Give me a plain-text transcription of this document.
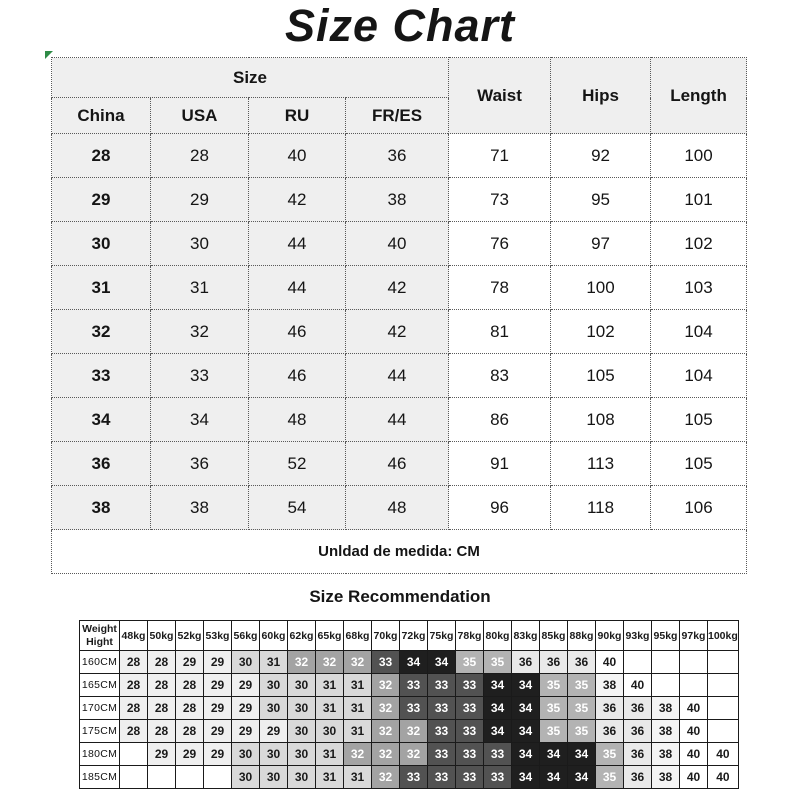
Size Chart
Size				Waist	Hips	Length
China	USA	RU	FR/ES			
28	28	40	36	71	92	100
29	29	42	38	73	95	101
30	30	44	40	76	97	102
31	31	44	42	78	100	103
32	32	46	42	81	102	104
33	33	46	44	83	105	104
34	34	48	44	86	108	105
36	36	52	46	91	113	105
38	38	54	48	96	118	106
Unldad de medida: CM						
Size Recommendation
Weight
Hight	48kg	50kg	52kg	53kg	56kg	60kg	62kg	65kg	68kg	70kg	72kg	75kg	78kg	80kg	83kg	85kg	88kg	90kg	93kg	95kg	97kg	100kg
160CM	28	28	29	29	30	31	32	32	32	33	34	34	35	35	36	36	36	40				
165CM	28	28	28	29	29	30	30	31	31	32	33	33	33	34	34	35	35	38	40			
170CM	28	28	28	29	29	30	30	31	31	32	33	33	33	34	34	35	35	36	36	38	40	
175CM	28	28	28	29	29	29	30	30	31	32	32	33	33	34	34	35	35	36	36	38	40	
180CM		29	29	29	30	30	30	31	32	32	32	33	33	33	34	34	34	35	36	38	40	40
185CM					30	30	30	31	31	32	33	33	33	33	34	34	34	35	36	38	40	40
